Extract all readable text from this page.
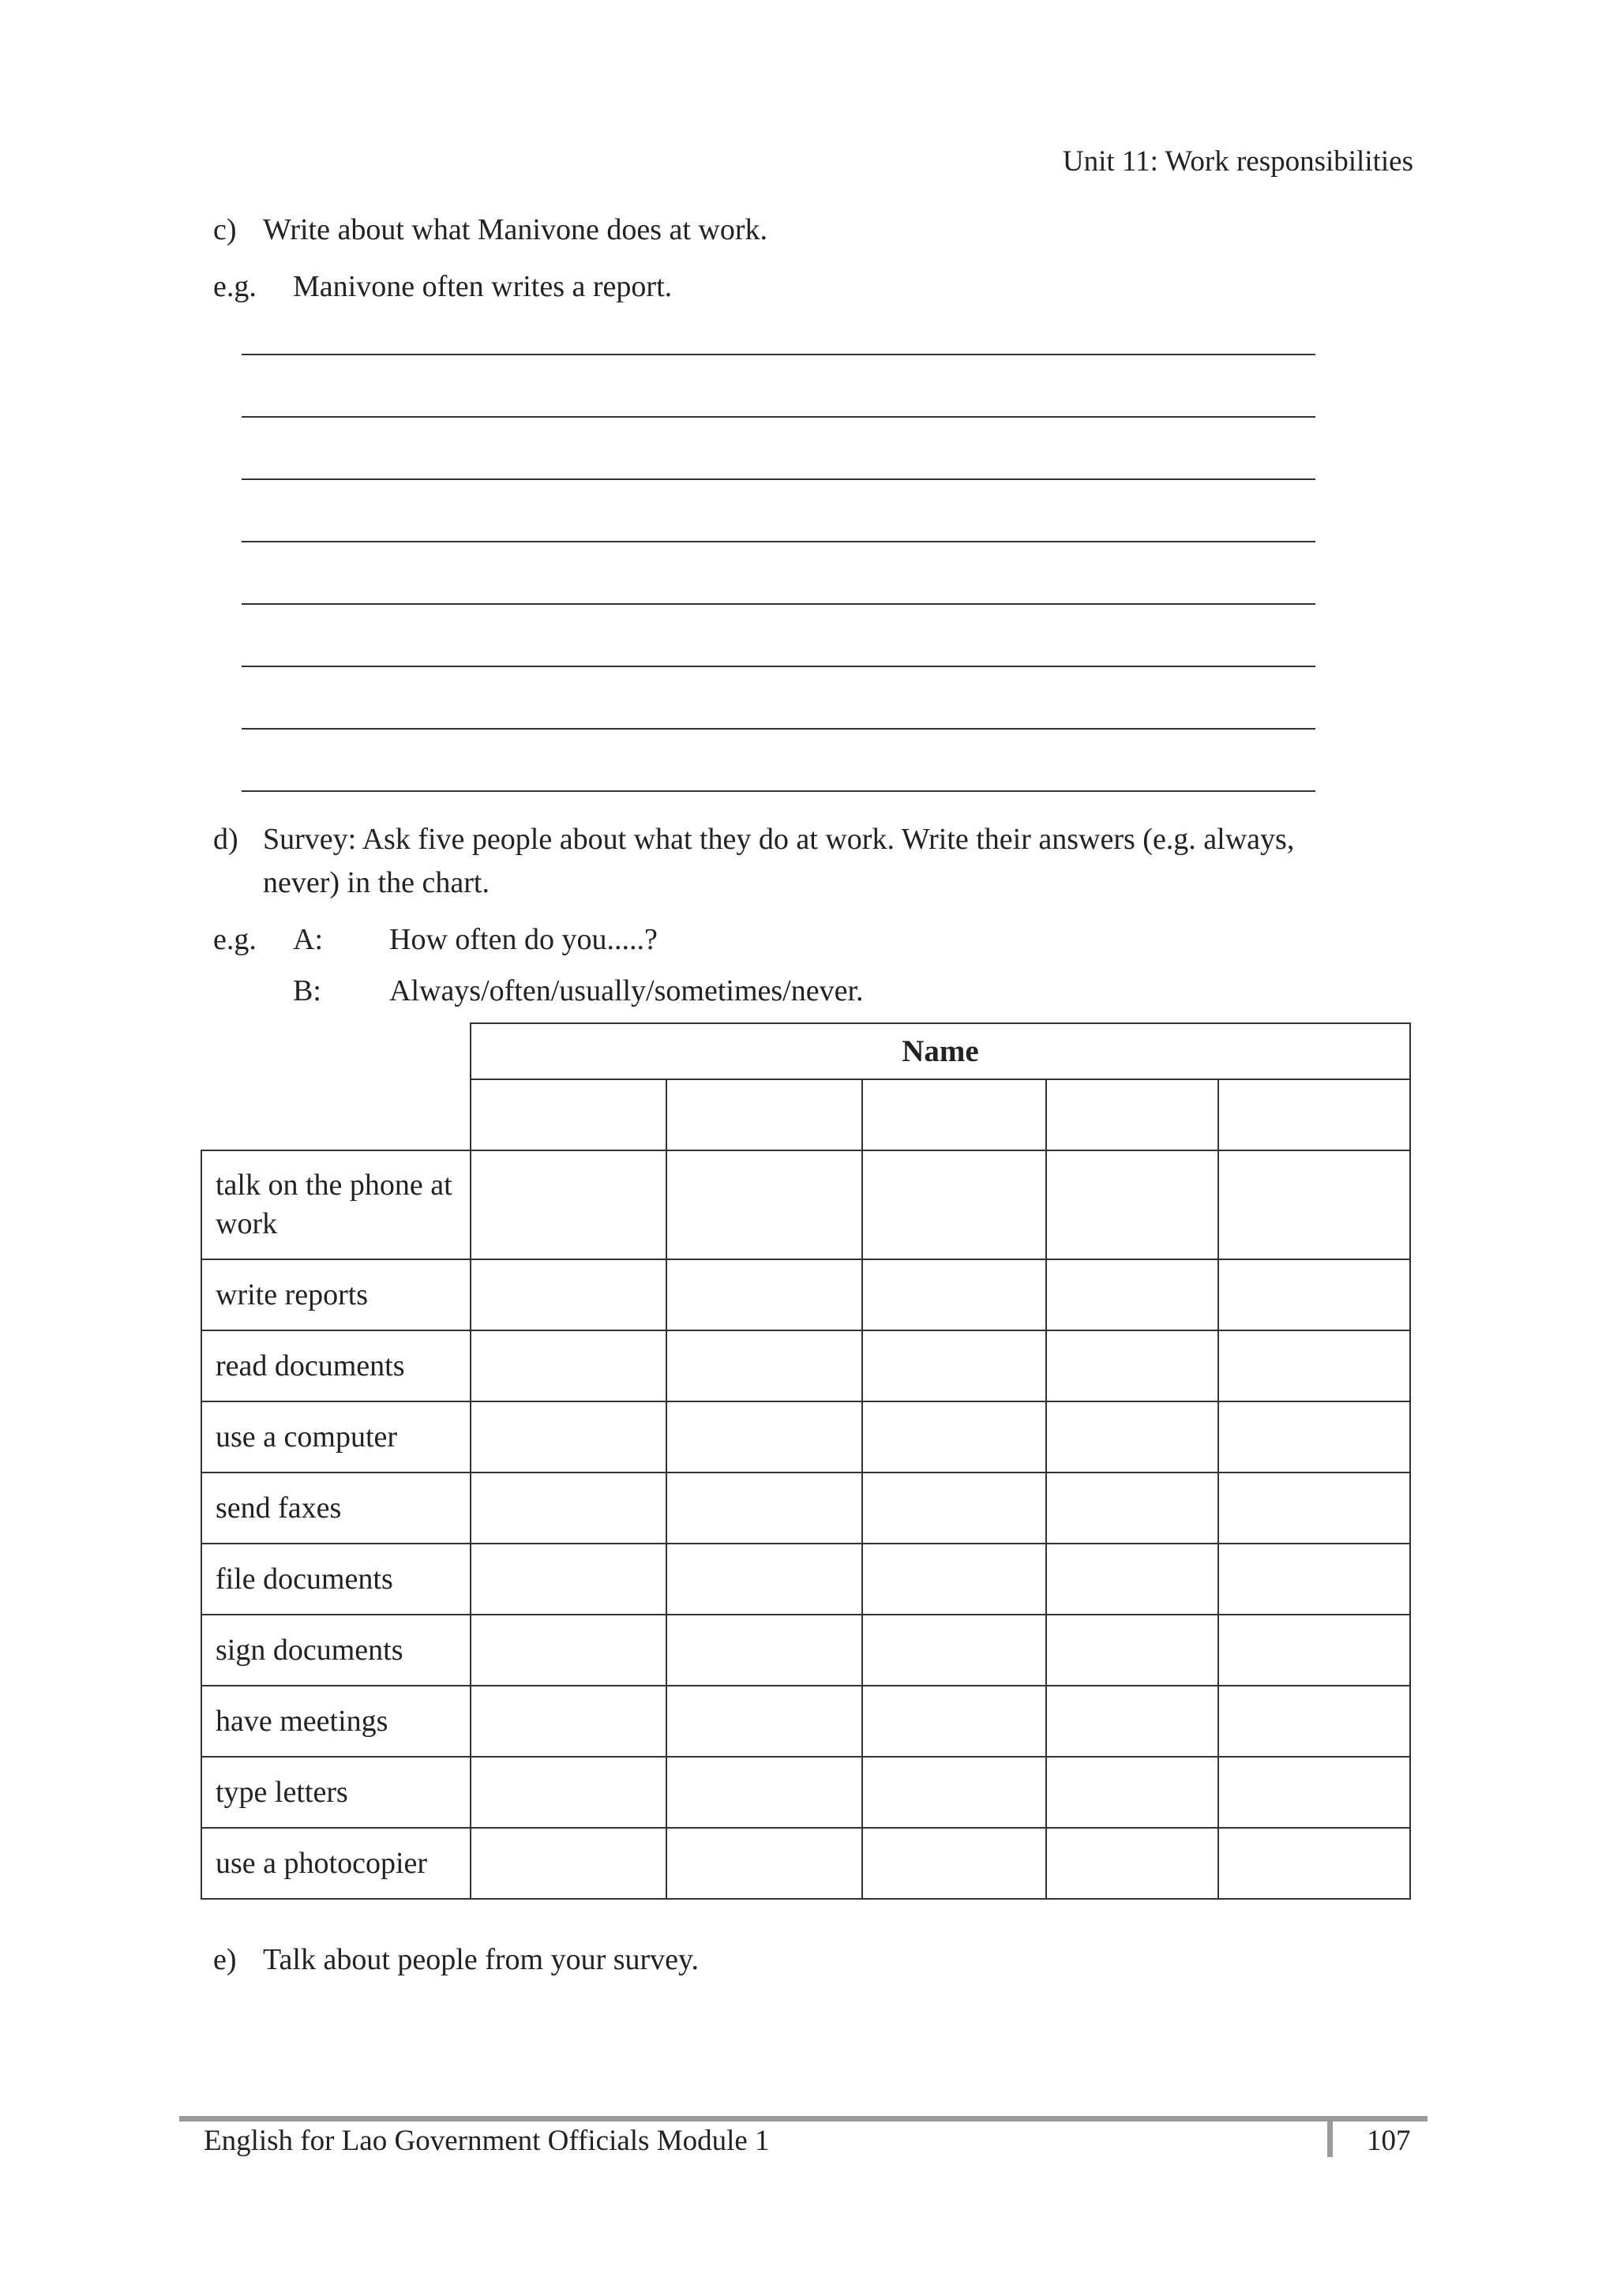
Unit 11: Work responsibilities
c) Write about what Manivone does at work.
e.g. Manivone often writes a report.
d) Survey: Ask five people about what they do at work. Write their answers (e.g. always,
never) in the chart.
e.g. A: How often do you.....?
B: Always/often/usually/sometimes/never.
	Name				

talk on the phone at work					
write reports					
read documents					
use a computer					
send faxes					
file documents					
sign documents					
have meetings					
type letters					
use a photocopier					
e) Talk about people from your survey.
English for Lao Government Officials Module 1	107
